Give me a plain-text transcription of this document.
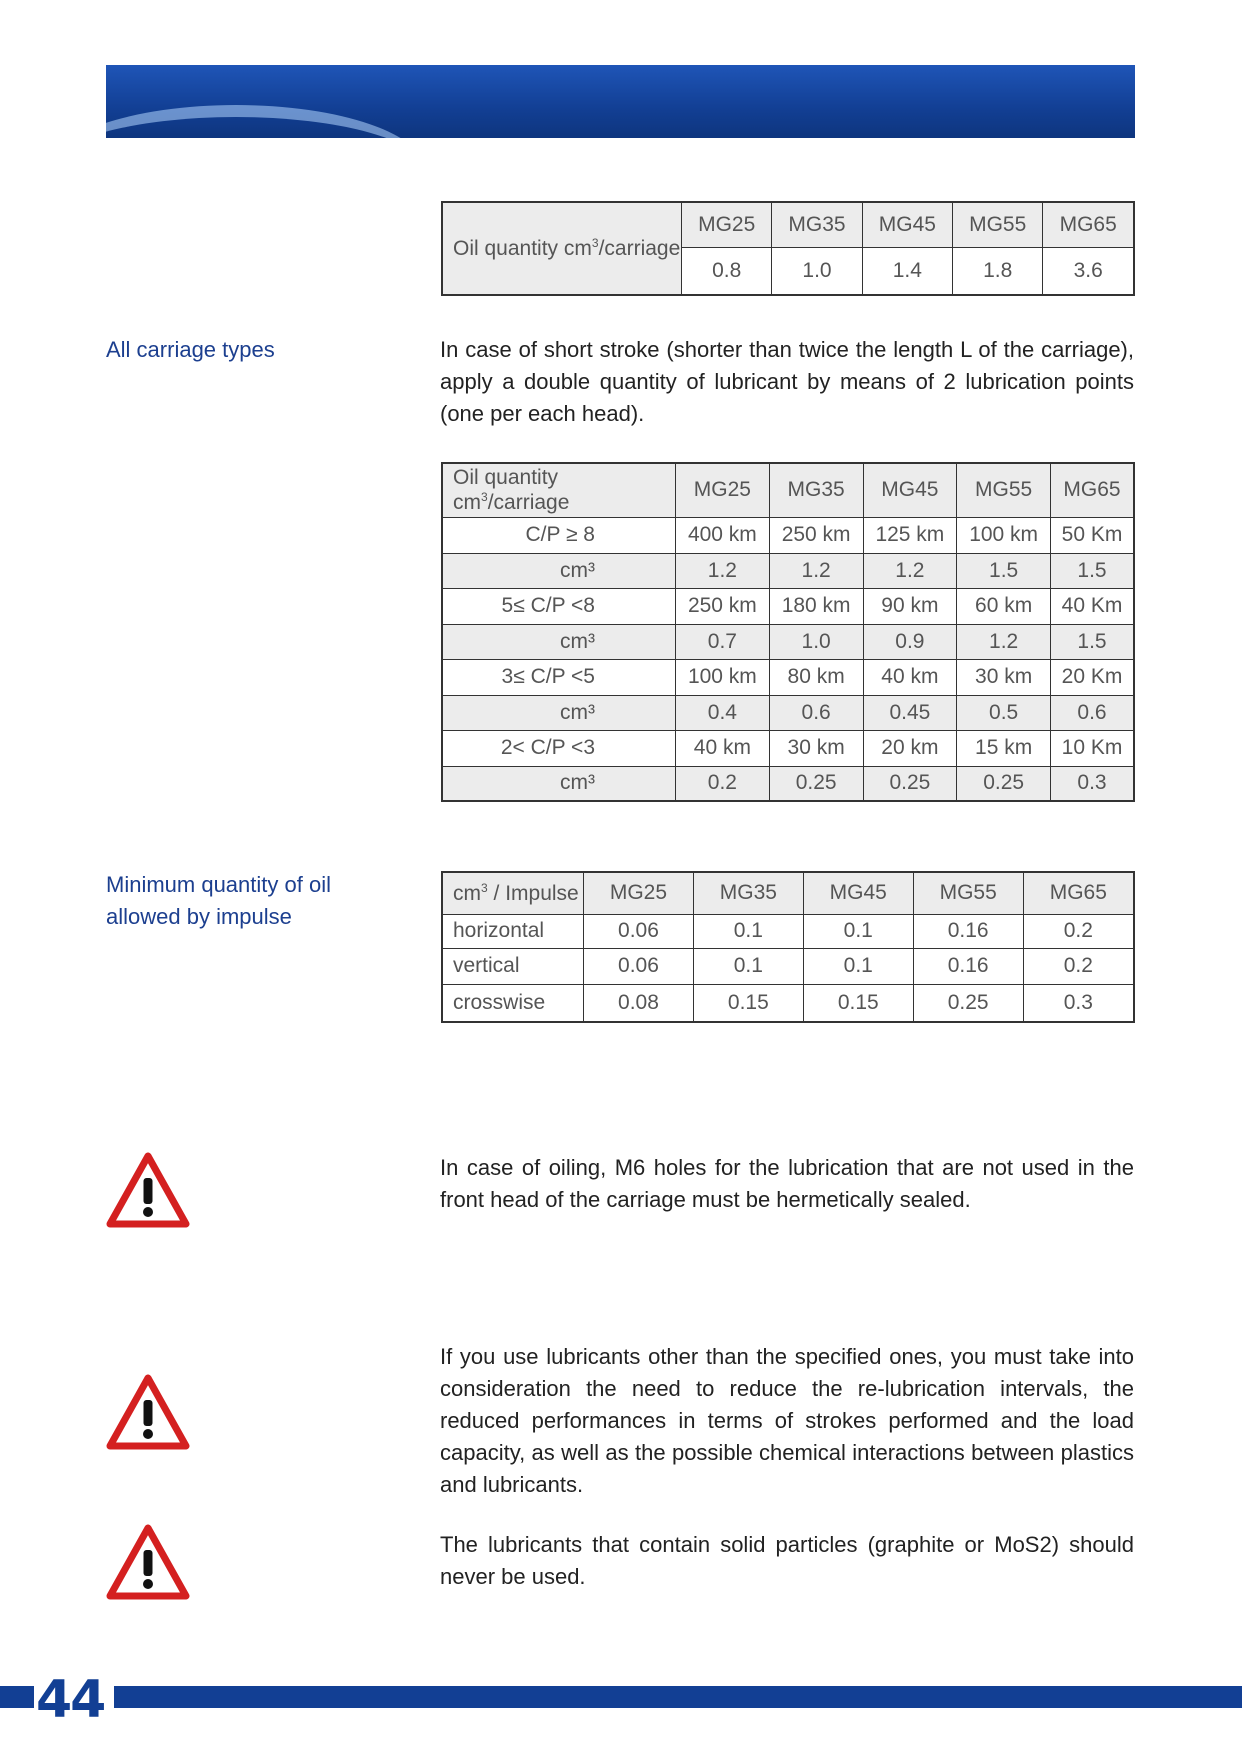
Oil quantity $cm^3$/carriage	MG25	MG35	MG45	MG55	MG65
	0.8	1.0	1.4	1.8	3.6
All carriage types	In case of short stroke (shorter than twice the length L of the carriage), apply a double quantity of lubricant by means of 2 lubrication points (one per each head).
Oil quantity $cm^3$/carriage	MG25	MG35	MG45	MG55	MG65
C/P ≥ 8	400 km	250 km	125 km	100 km	50 Km
cm³	1.2	1.2	1.2	1.5	1.5
5≤ C/P <8	250 km	180 km	90 km	60 km	40 Km
cm³	0.7	1.0	0.9	1.2	1.5
3≤ C/P <5	100 km	80 km	40 km	30 km	20 Km
cm³	0.4	0.6	0.45	0.5	0.6
2< C/P <3	40 km	30 km	20 km	15 km	10 Km
cm³	0.2	0.25	0.25	0.25	0.3
Minimum quantity of oil
allowed by impulse
$cm^3$ / Impulse	MG25	MG35	MG45	MG55	MG65
horizontal	0.06	0.1	0.1	0.16	0.2
vertical	0.06	0.1	0.1	0.16	0.2
crosswise	0.08	0.15	0.15	0.25	0.3
In case of oiling, M6 holes for the lubrication that are not used in the front head of the carriage must be hermetically sealed.
If you use lubricants other than the specified ones, you must take into consideration the need to reduce the re-lubrication intervals, the reduced performances in terms of strokes performed and the load capacity, as well as the possible chemical interactions between plastics and lubricants.
The lubricants that contain solid particles (graphite or MoS2) should never be used.
44
